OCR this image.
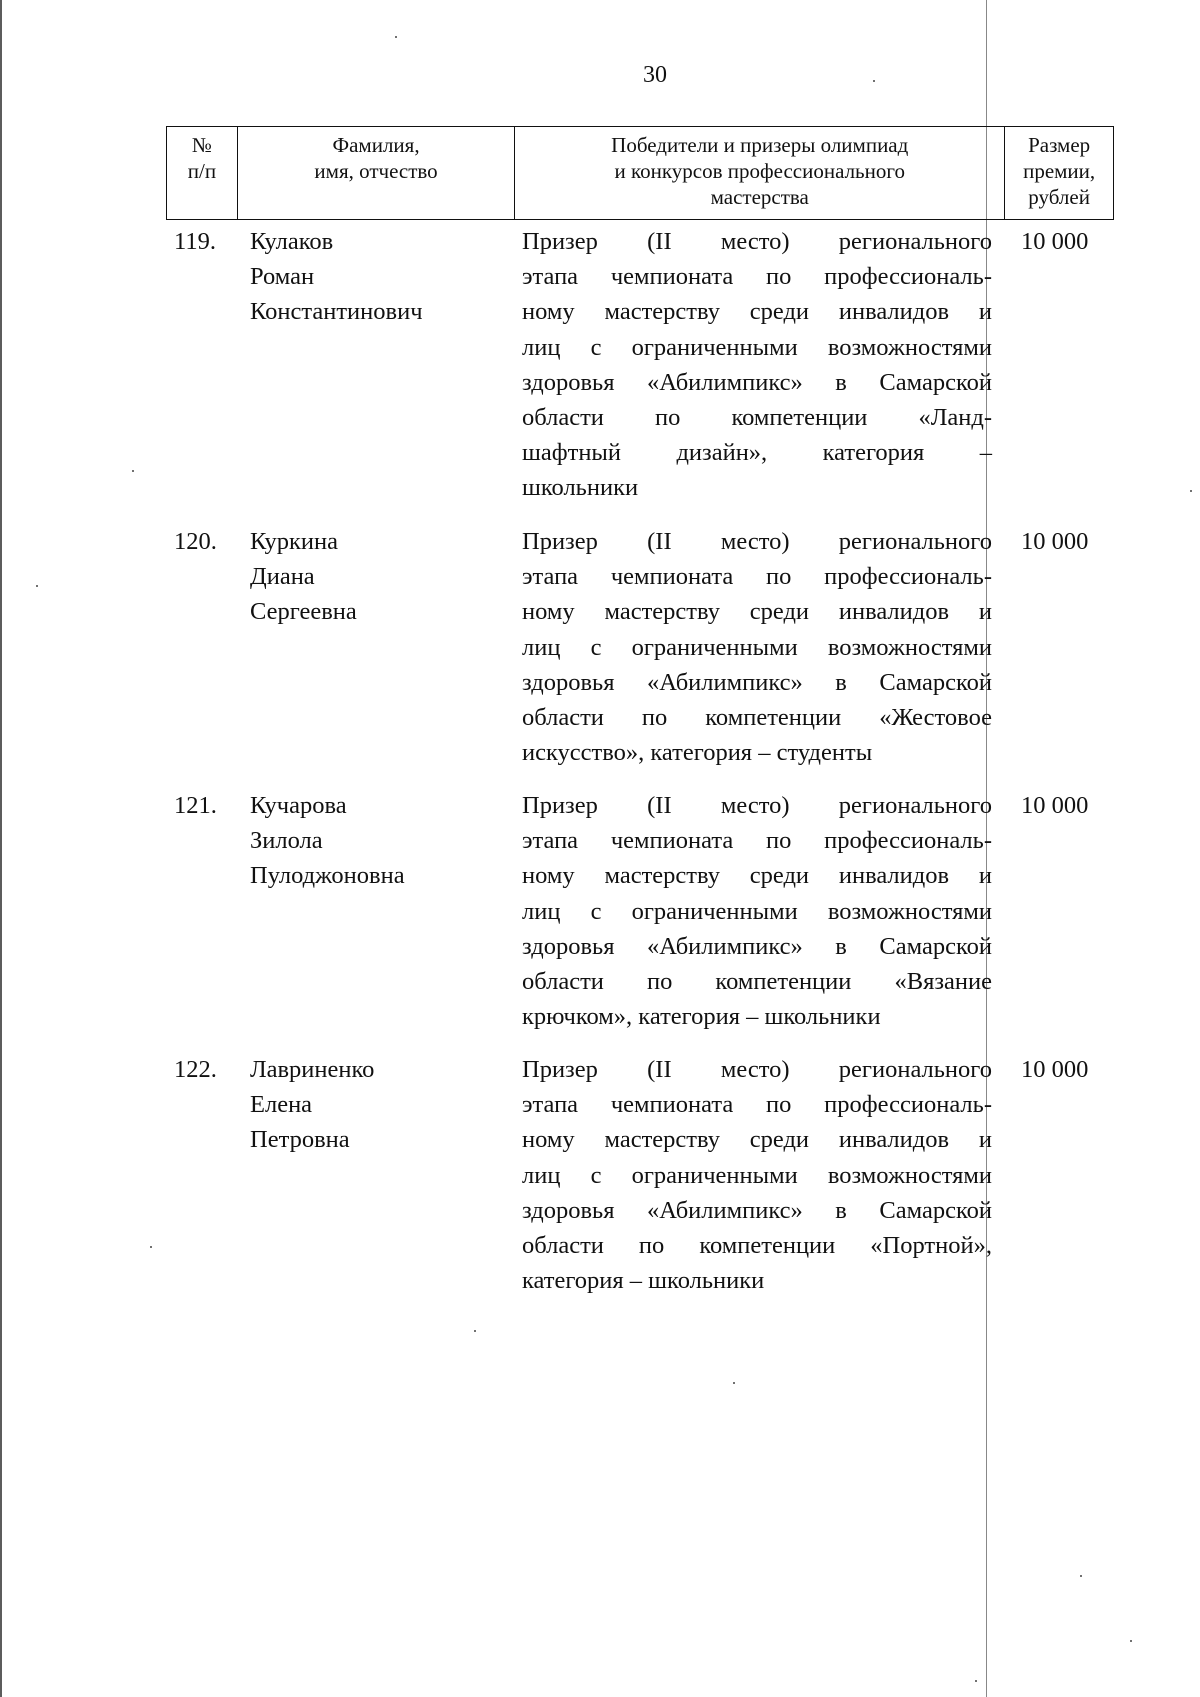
30
№
п/п
Фамилия,
имя, отчество
Победители и призеры олимпиад
и конкурсов профессионального
мастерства
Размер
премии,
рублей
119. Кулаков
Роман
Константинович
Призер (II место) регионального
этапа чемпионата по профессиональ-
ному мастерству среди инвалидов и
лиц с ограниченными возможностями
здоровья «Абилимпикс» в Самарской
области по компетенции «Ланд-
шафтный дизайн», категория –
школьники
10 000
120. Куркина
Диана
Сергеевна
Призер (II место) регионального
этапа чемпионата по профессиональ-
ному мастерству среди инвалидов и
лиц с ограниченными возможностями
здоровья «Абилимпикс» в Самарской
области по компетенции «Жестовое
искусство», категория – студенты
10 000
121. Кучарова
Зилола
Пулоджоновна
Призер (II место) регионального
этапа чемпионата по профессиональ-
ному мастерству среди инвалидов и
лиц с ограниченными возможностями
здоровья «Абилимпикс» в Самарской
области по компетенции «Вязание
крючком», категория – школьники
10 000
122. Лавриненко
Елена
Петровна
Призер (II место) регионального
этапа чемпионата по профессиональ-
ному мастерству среди инвалидов и
лиц с ограниченными возможностями
здоровья «Абилимпикс» в Самарской
области по компетенции «Портной»,
категория – школьники
10 000
